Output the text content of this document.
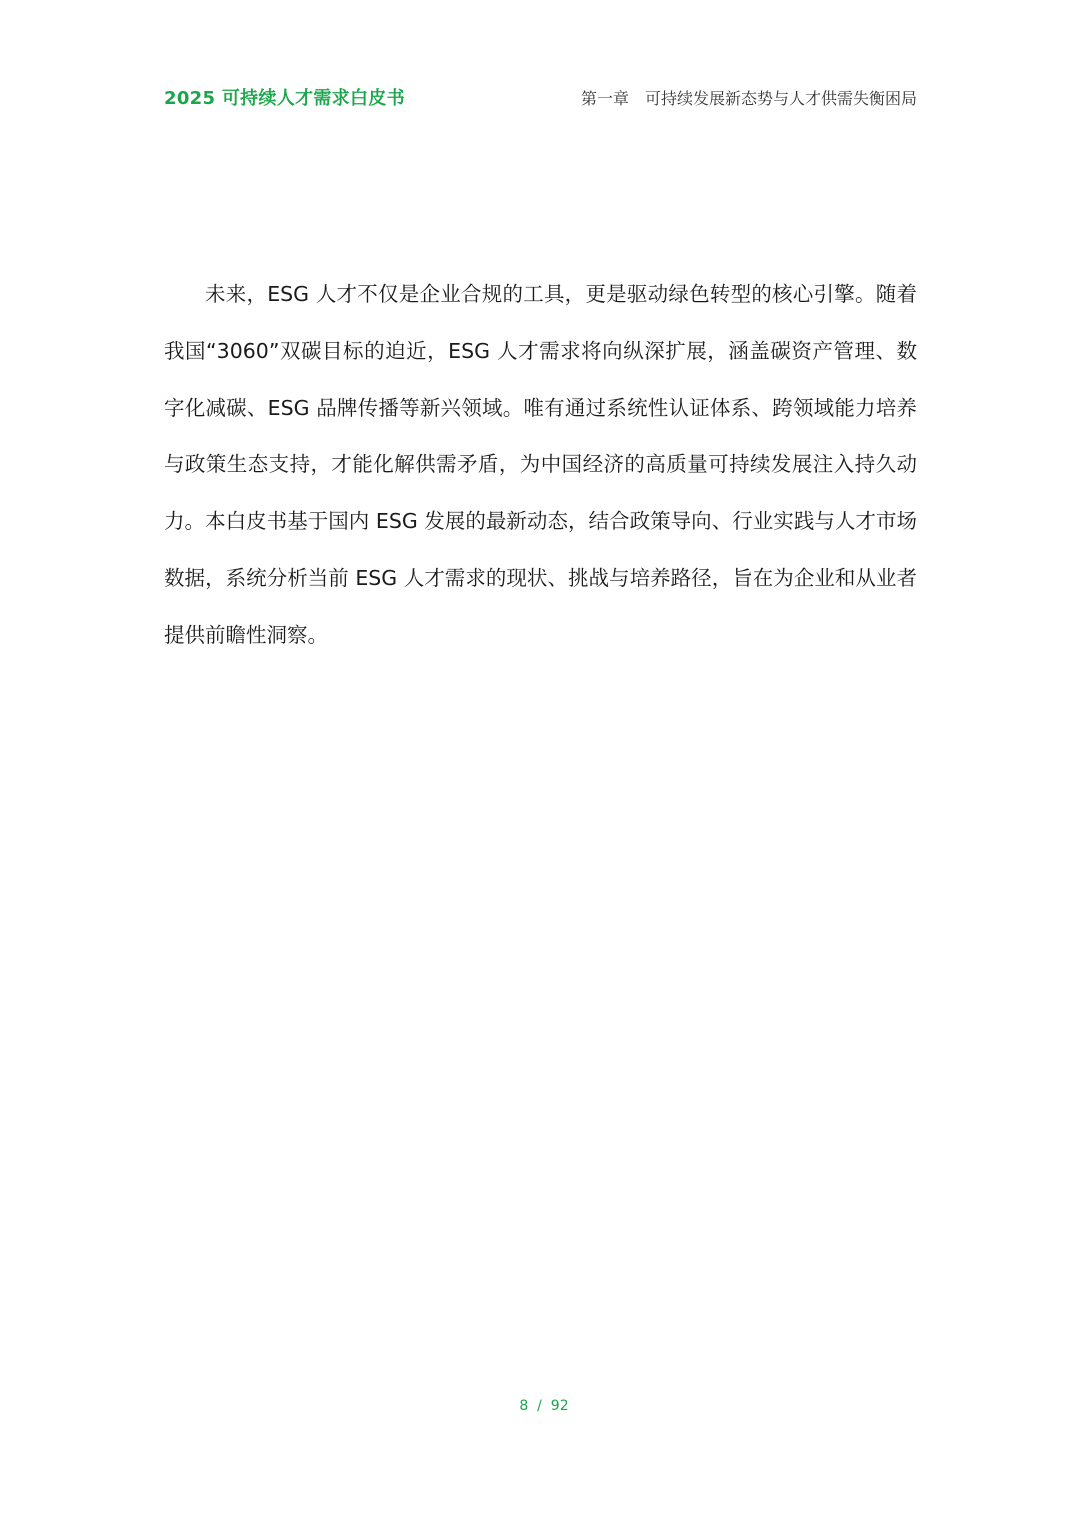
2025 可持续人才需求白皮书	第一章　可持续发展新态势与人才供需失衡困局

未来，ESG 人才不仅是企业合规的工具，更是驱动绿色转型的核心引擎。随着我国“3060”双碳目标的迫近，ESG 人才需求将向纵深扩展，涵盖碳资产管理、数字化减碳、ESG 品牌传播等新兴领域。唯有通过系统性认证体系、跨领域能力培养与政策生态支持，才能化解供需矛盾，为中国经济的高质量可持续发展注入持久动力。本白皮书基于国内 ESG 发展的最新动态，结合政策导向、行业实践与人才市场数据，系统分析当前 ESG 人才需求的现状、挑战与培养路径，旨在为企业和从业者提供前瞻性洞察。

8  /  92
